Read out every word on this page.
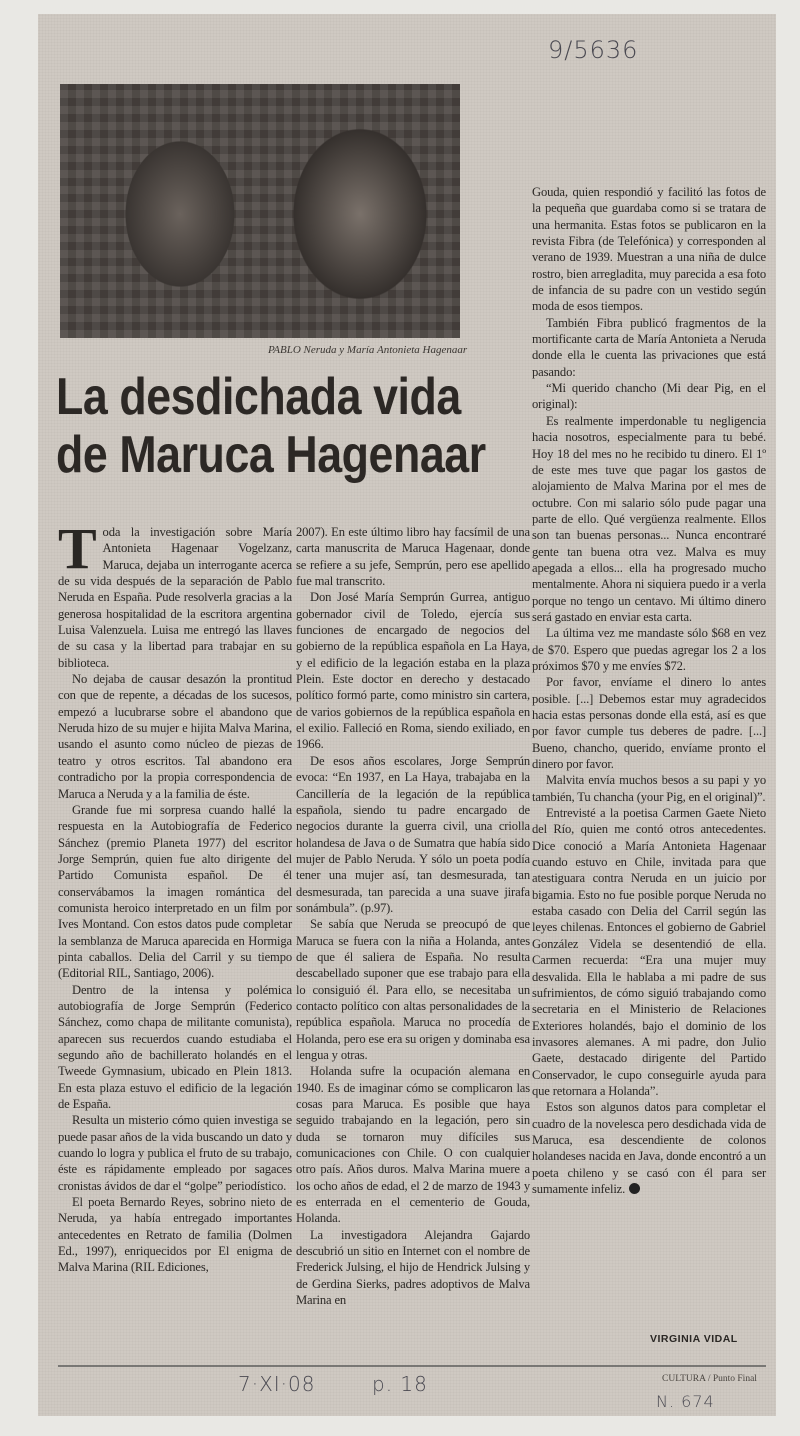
9/5636
PABLO Neruda y María Antonieta Hagenaar
La desdichada vida
de Maruca Hagenaar

Toda la investigación sobre María Antonieta Hagenaar Vogelzanz, Maruca, dejaba un interrogante acerca de su vida después de la separación de Pablo Neruda en España. Pude resolverla gracias a la generosa hospitalidad de la escritora argentina Luisa Valenzuela. Luisa me entregó las llaves de su casa y la libertad para trabajar en su biblioteca.

No dejaba de causar desazón la prontitud con que de repente, a décadas de los sucesos, empezó a lucubrarse sobre el abandono que Neruda hizo de su mujer e hijita Malva Marina, usando el asunto como núcleo de piezas de teatro y otros escritos. Tal abandono era contradicho por la propia correspondencia de Maruca a Neruda y a la familia de éste.

Grande fue mi sorpresa cuando hallé la respuesta en la Autobiografía de Federico Sánchez (premio Planeta 1977) del escritor Jorge Semprún, quien fue alto dirigente del Partido Comunista español. De él conservábamos la imagen romántica del comunista heroico interpretado en un film por Ives Montand. Con estos datos pude completar la semblanza de Maruca aparecida en Hormiga pinta caballos. Delia del Carril y su tiempo (Editorial RIL, Santiago, 2006).

Dentro de la intensa y polémica autobiografía de Jorge Semprún (Federico Sánchez, como chapa de militante comunista), aparecen sus recuerdos cuando estudiaba el segundo año de bachillerato holandés en el Tweede Gymnasium, ubicado en Plein 1813. En esta plaza estuvo el edificio de la legación de España.

Resulta un misterio cómo quien investiga se puede pasar años de la vida buscando un dato y cuando lo logra y publica el fruto de su trabajo, éste es rápidamente empleado por sagaces cronistas ávidos de dar el “golpe” periodístico.

El poeta Bernardo Reyes, sobrino nieto de Neruda, ya había entregado importantes antecedentes en Retrato de familia (Dolmen Ed., 1997), enriquecidos por El enigma de Malva Marina (RIL Ediciones,

2007). En este último libro hay facsímil de una carta manuscrita de Maruca Hagenaar, donde se refiere a su jefe, Semprún, pero ese apellido fue mal transcrito.

Don José María Semprún Gurrea, antiguo gobernador civil de Toledo, ejercía sus funciones de encargado de negocios del gobierno de la república española en La Haya, y el edificio de la legación estaba en la plaza Plein. Este doctor en derecho y destacado político formó parte, como ministro sin cartera, de varios gobiernos de la república española en el exilio. Falleció en Roma, siendo exiliado, en 1966.

De esos años escolares, Jorge Semprún evoca: “En 1937, en La Haya, trabajaba en la Cancillería de la legación de la república española, siendo tu padre encargado de negocios durante la guerra civil, una criolla holandesa de Java o de Sumatra que había sido mujer de Pablo Neruda. Y sólo un poeta podía tener una mujer así, tan desmesurada, tan desmesurada, tan parecida a una suave jirafa sonámbula”. (p.97).

Se sabía que Neruda se preocupó de que Maruca se fuera con la niña a Holanda, antes de que él saliera de España. No resulta descabellado suponer que ese trabajo para ella lo consiguió él. Para ello, se necesitaba un contacto político con altas personalidades de la república española. Maruca no procedía de Holanda, pero ese era su origen y dominaba esa lengua y otras.

Holanda sufre la ocupación alemana en 1940. Es de imaginar cómo se complicaron las cosas para Maruca. Es posible que haya seguido trabajando en la legación, pero sin duda se tornaron muy difíciles sus comunicaciones con Chile. O con cualquier otro país. Años duros. Malva Marina muere a los ocho años de edad, el 2 de marzo de 1943 y es enterrada en el cementerio de Gouda, Holanda.

La investigadora Alejandra Gajardo descubrió un sitio en Internet con el nombre de Frederick Julsing, el hijo de Hendrick Julsing y de Gerdina Sierks, padres adoptivos de Malva Marina en

Gouda, quien respondió y facilitó las fotos de la pequeña que guardaba como si se tratara de una hermanita. Estas fotos se publicaron en la revista Fibra (de Telefónica) y corresponden al verano de 1939. Muestran a una niña de dulce rostro, bien arregladita, muy parecida a esa foto de infancia de su padre con un vestido según moda de esos tiempos.

También Fibra publicó fragmentos de la mortificante carta de María Antonieta a Neruda donde ella le cuenta las privaciones que está pasando:

“Mi querido chancho (Mi dear Pig, en el original):

Es realmente imperdonable tu negligencia hacia nosotros, especialmente para tu bebé. Hoy 18 del mes no he recibido tu dinero. El 1º de este mes tuve que pagar los gastos de alojamiento de Malva Marina por el mes de octubre. Con mi salario sólo pude pagar una parte de ello. Qué vergüenza realmente. Ellos son tan buenas personas... Nunca encontraré gente tan buena otra vez. Malva es muy apegada a ellos... ella ha progresado mucho mentalmente. Ahora ni siquiera puedo ir a verla porque no tengo un centavo. Mi último dinero será gastado en enviar esta carta.

La última vez me mandaste sólo $68 en vez de $70. Espero que puedas agregar los 2 a los próximos $70 y me envíes $72.

Por favor, envíame el dinero lo antes posible. [...] Debemos estar muy agradecidos hacia estas personas donde ella está, así es que por favor cumple tus deberes de padre. [...] Bueno, chancho, querido, envíame pronto el dinero por favor.

Malvita envía muchos besos a su papi y yo también, Tu chancha (your Pig, en el original)”.

Entrevisté a la poetisa Carmen Gaete Nieto del Río, quien me contó otros antecedentes. Dice conoció a María Antonieta Hagenaar cuando estuvo en Chile, invitada para que atestiguara contra Neruda en un juicio por bigamia. Esto no fue posible porque Neruda no estaba casado con Delia del Carril según las leyes chilenas. Entonces el gobierno de Gabriel González Videla se desentendió de ella. Carmen recuerda: “Era una mujer muy desvalida. Ella le hablaba a mi padre de sus sufrimientos, de cómo siguió trabajando como secretaria en el Ministerio de Relaciones Exteriores holandés, bajo el dominio de los invasores alemanes. A mi padre, don Julio Gaete, destacado dirigente del Partido Conservador, le cupo conseguirle ayuda para que retornara a Holanda”.

Estos son algunos datos para completar el cuadro de la novelesca pero desdichada vida de Maruca, esa descendiente de colonos holandeses nacida en Java, donde encontró a un poeta chileno y se casó con él para ser sumamente infeliz.

VIRGINIA VIDAL
7·XI·08	p. 18	CULTURA / Punto Final
N. 674
